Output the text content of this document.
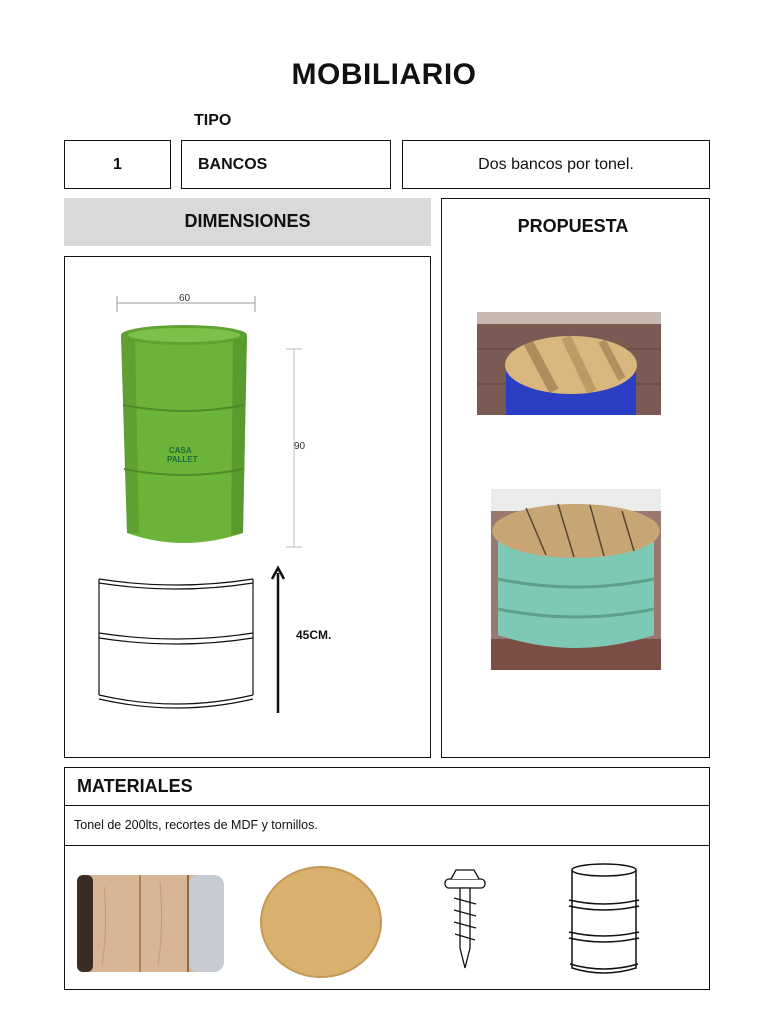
MOBILIARIO
TIPO
1	BANCOS	Dos bancos por tonel.
DIMENSIONES
60
90
CASA
PALLET
45CM.
PROPUESTA
MATERIALES
Tonel de 200lts, recortes de MDF y tornillos.
